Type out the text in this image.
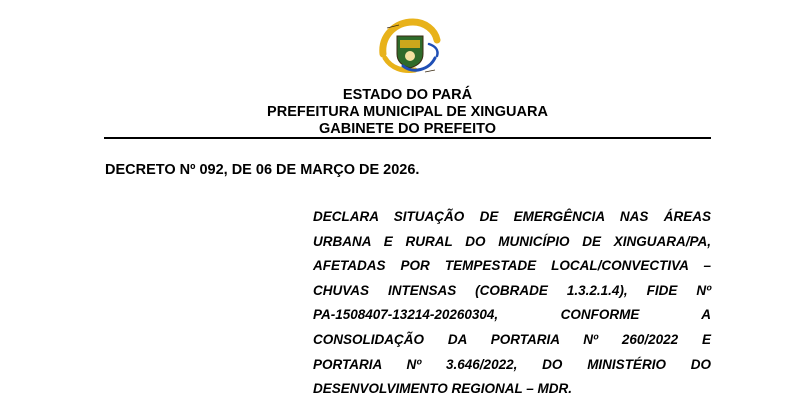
ESTADO DO PARÁ
PREFEITURA MUNICIPAL DE XINGUARA
GABINETE DO PREFEITO
DECRETO Nº 092, DE 06 DE MARÇO DE 2026.
DECLARA SITUAÇÃO DE EMERGÊNCIA NAS ÁREAS
URBANA E RURAL DO MUNICÍPIO DE XINGUARA/PA,
AFETADAS POR TEMPESTADE LOCAL/CONVECTIVA –
CHUVAS INTENSAS (COBRADE 1.3.2.1.4), FIDE Nº
PA-1508407-13214-20260304, CONFORME A
CONSOLIDAÇÃO DA PORTARIA Nº 260/2022 E
PORTARIA Nº 3.646/2022, DO MINISTÉRIO DO
DESENVOLVIMENTO REGIONAL – MDR.
